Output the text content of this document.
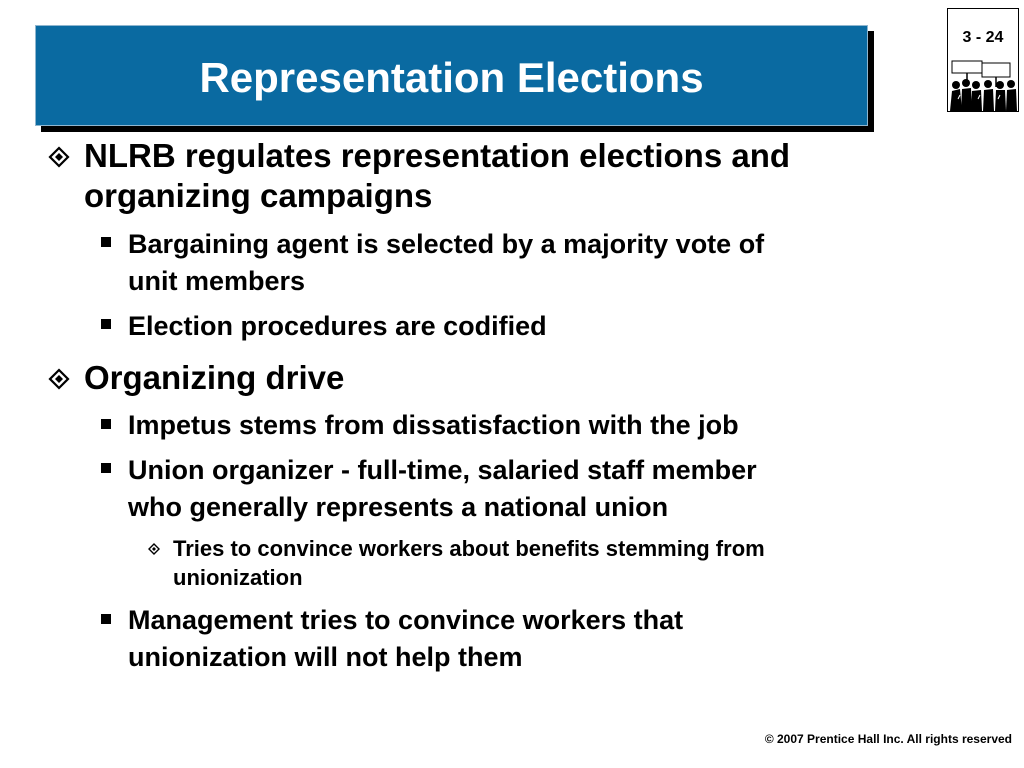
Representation Elections
3 - 24
NLRB regulates representation elections and
organizing campaigns
Bargaining agent is selected by a majority vote of
unit members
Election procedures are codified
Organizing drive
Impetus stems from dissatisfaction with the job
Union organizer - full-time, salaried staff member
who generally represents a national union
Tries to convince workers about benefits stemming from
unionization
Management tries to convince workers that
unionization will not help them
© 2007 Prentice Hall Inc. All rights reserved
